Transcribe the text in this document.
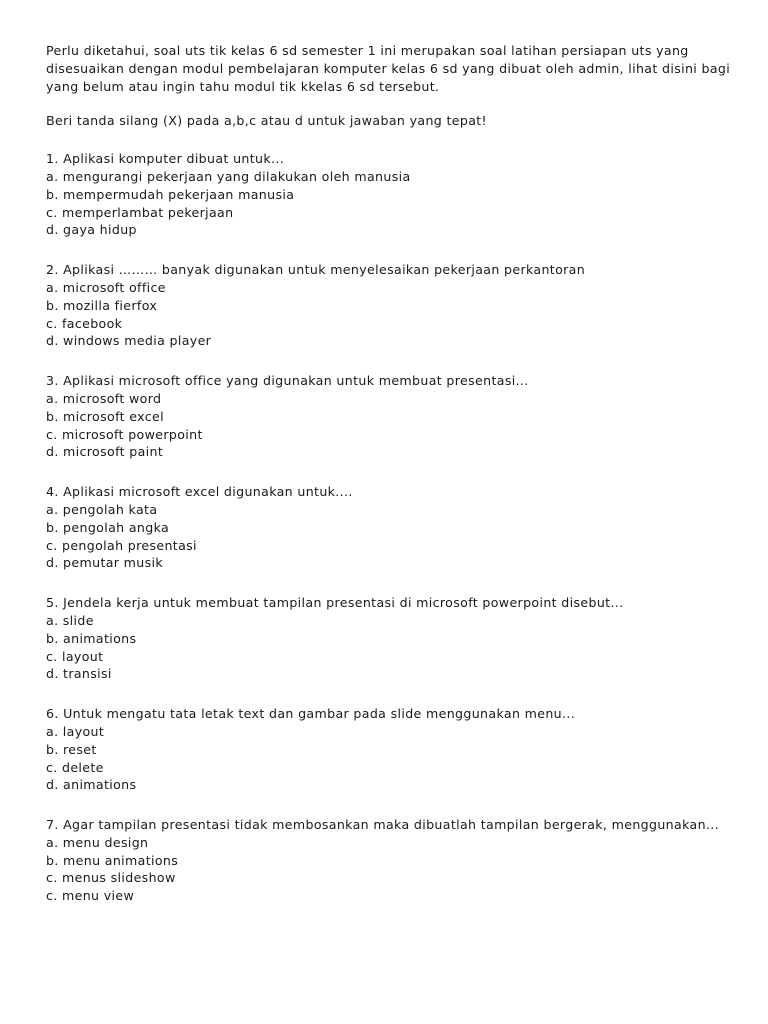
Perlu diketahui, soal uts tik kelas 6 sd semester 1 ini merupakan soal latihan persiapan uts yang disesuaikan dengan modul pembelajaran komputer kelas 6 sd yang dibuat oleh admin, lihat disini bagi yang belum atau ingin tahu modul tik kkelas 6 sd tersebut.

Beri tanda silang (X) pada a,b,c atau d untuk jawaban yang tepat!

1. Aplikasi komputer dibuat untuk...
a. mengurangi pekerjaan yang dilakukan oleh manusia
b. mempermudah pekerjaan manusia
c. memperlambat pekerjaan
d. gaya hidup
2. Aplikasi ……… banyak digunakan untuk menyelesaikan pekerjaan perkantoran
a. microsoft office
b. mozilla fierfox
c. facebook
d. windows media player
3. Aplikasi microsoft office yang digunakan untuk membuat presentasi...
a. microsoft word
b. microsoft excel
c. microsoft powerpoint
d. microsoft paint
4. Aplikasi microsoft excel digunakan untuk....
a. pengolah kata
b. pengolah angka
c. pengolah presentasi
d. pemutar musik
5. Jendela kerja untuk membuat tampilan presentasi di microsoft powerpoint disebut...
a. slide
b. animations
c. layout
d. transisi
6. Untuk mengatu tata letak text dan gambar pada slide menggunakan menu...
a. layout
b. reset
c. delete
d. animations
7. Agar tampilan presentasi tidak membosankan maka dibuatlah tampilan bergerak, menggunakan...
a. menu design
b. menu animations
c. menus slideshow
c. menu view
